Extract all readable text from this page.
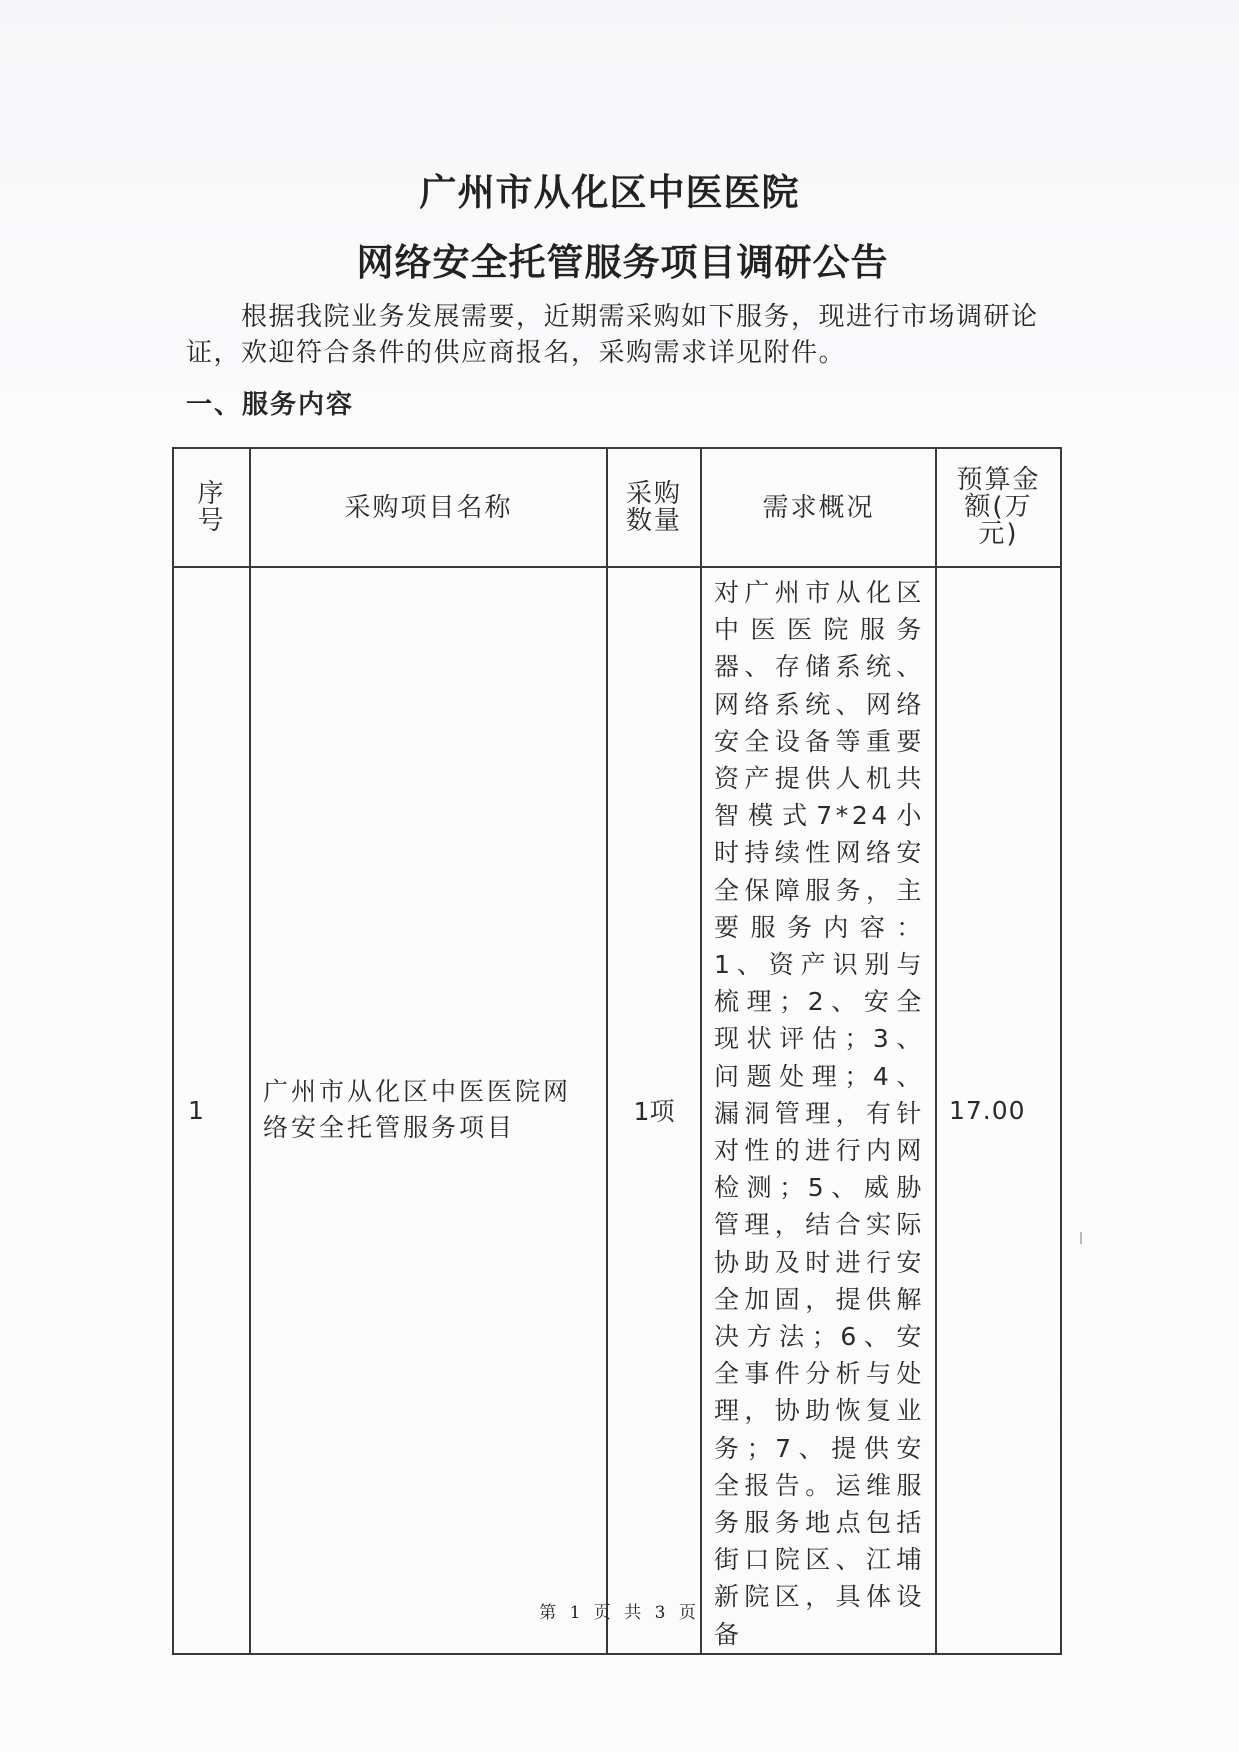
广州市从化区中医医院
网络安全托管服务项目调研公告

根据我院业务发展需要，近期需采购如下服务，现进行市场调研论证，欢迎符合条件的供应商报名，采购需求详见附件。

一、服务内容
序号	采购项目名称	采购数量	需求概况	预算金额(万元)
1	广州市从化区中医医院网络安全托管服务项目	1项	对广州市从化区中医医院服务器、存储系统、网络系统、网络安全设备等重要资产提供人机共智模式7*24小时持续性网络安全保障服务，主要服务内容：1、资产识别与梳理；2、安全现状评估；3、问题处理；4、漏洞管理，有针对性的进行内网检测；5、威胁管理，结合实际协助及时进行安全加固，提供解决方法；6、安全事件分析与处理，协助恢复业务；7、提供安全报告。运维服务服务地点包括街口院区、江埔新院区，具体设备	17.00
第 1 页 共 3 页
